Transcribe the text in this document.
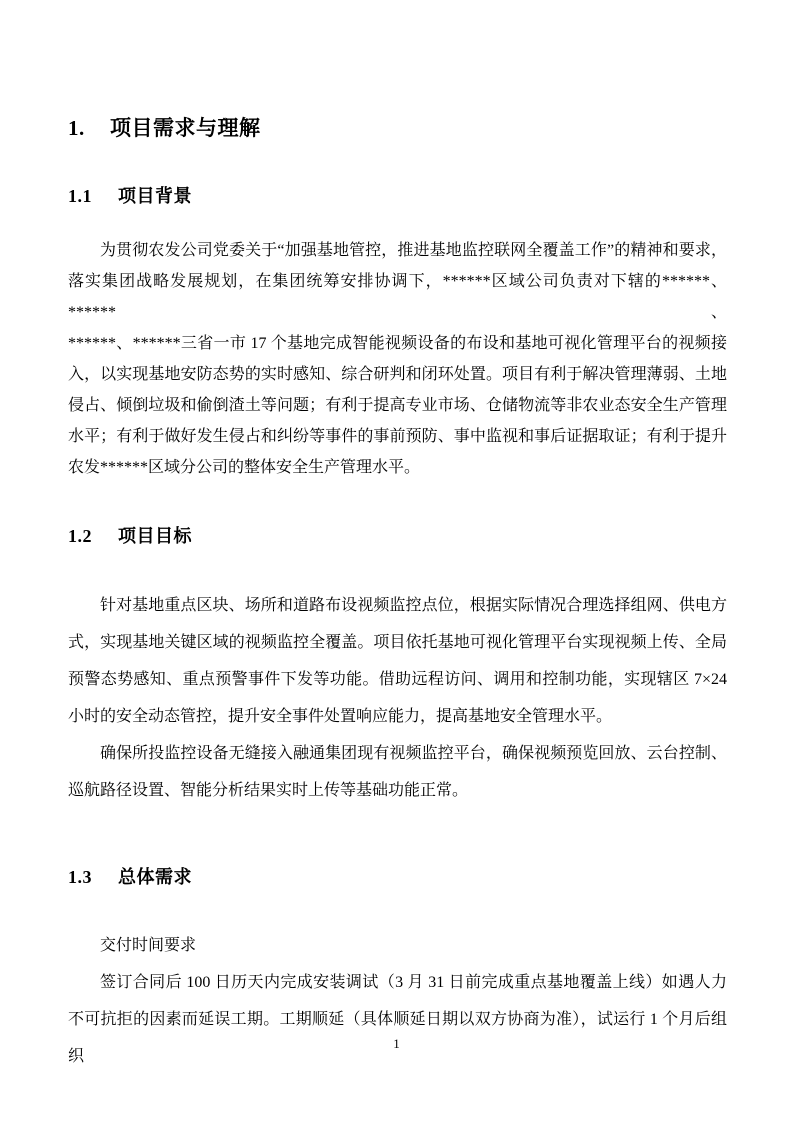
1. 项目需求与理解
1.1 项目背景
为贯彻农发公司党委关于“加强基地管控，推进基地监控联网全覆盖工作”的精神和要求，
落实集团战略发展规划，在集团统筹安排协调下，******区域公司负责对下辖的******、******、
******、******三省一市 17 个基地完成智能视频设备的布设和基地可视化管理平台的视频接
入，以实现基地安防态势的实时感知、综合研判和闭环处置。项目有利于解决管理薄弱、土地
侵占、倾倒垃圾和偷倒渣土等问题；有利于提高专业市场、仓储物流等非农业态安全生产管理
水平；有利于做好发生侵占和纠纷等事件的事前预防、事中监视和事后证据取证；有利于提升
农发******区域分公司的整体安全生产管理水平。
1.2 项目目标
针对基地重点区块、场所和道路布设视频监控点位，根据实际情况合理选择组网、供电方
式，实现基地关键区域的视频监控全覆盖。项目依托基地可视化管理平台实现视频上传、全局
预警态势感知、重点预警事件下发等功能。借助远程访问、调用和控制功能，实现辖区 7×24
小时的安全动态管控，提升安全事件处置响应能力，提高基地安全管理水平。
确保所投监控设备无缝接入融通集团现有视频监控平台，确保视频预览回放、云台控制、
巡航路径设置、智能分析结果实时上传等基础功能正常。
1.3 总体需求
交付时间要求
签订合同后 100 日历天内完成安装调试（3 月 31 日前完成重点基地覆盖上线）如遇人力
不可抗拒的因素而延误工期。工期顺延（具体顺延日期以双方协商为准），试运行 1 个月后组织
1
